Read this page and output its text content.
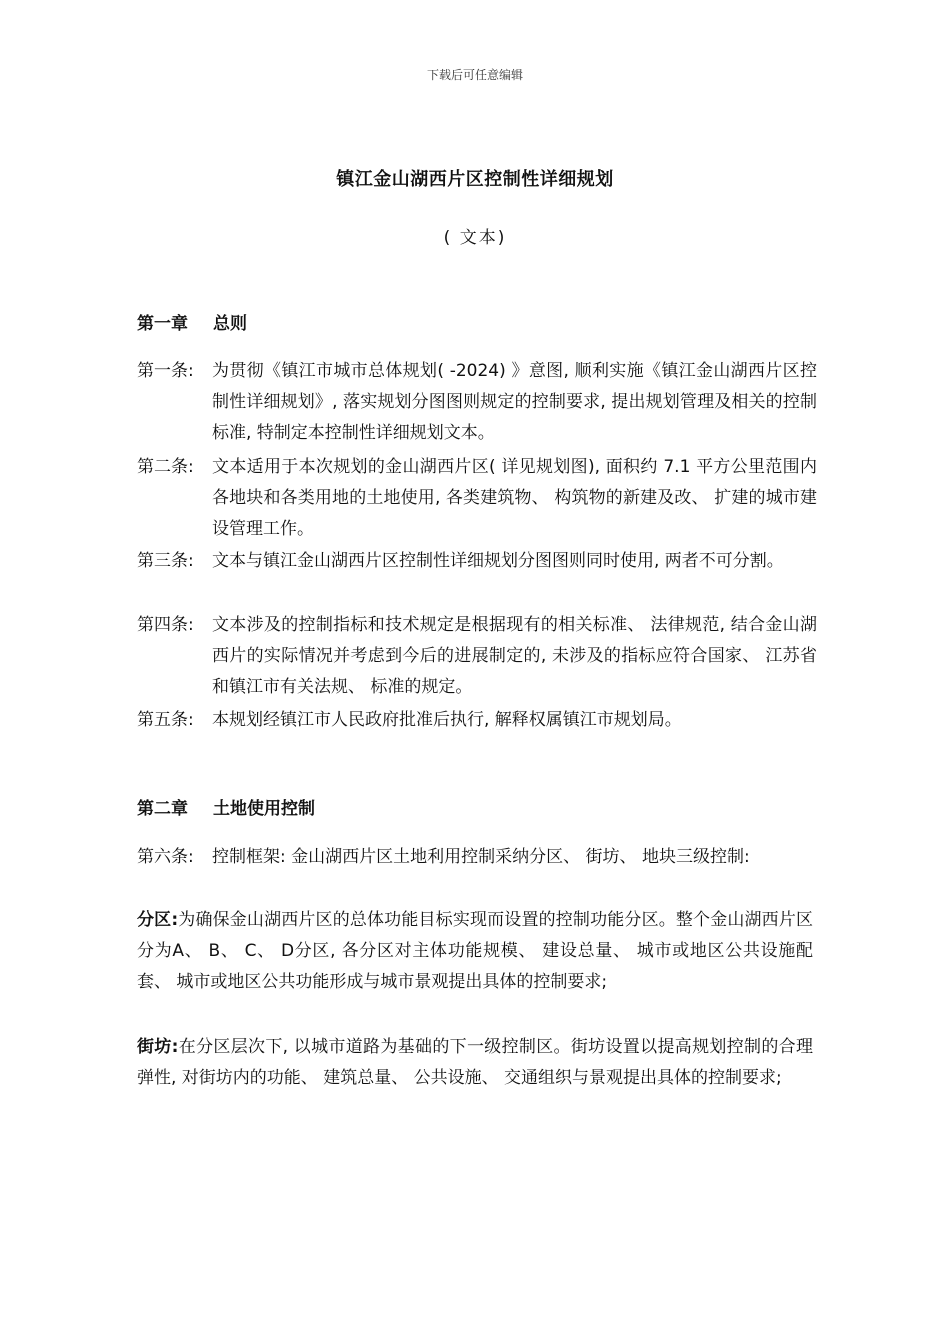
下载后可任意编辑
镇江金山湖西片区控制性详细规划
( 文本)
第一章 总则
第一条: 为贯彻《镇江市城市总体规划( -2024) 》意图, 顺利实施《镇江金山湖西片区控制性详细规划》, 落实规划分图图则规定的控制要求, 提出规划管理及相关的控制标准, 特制定本控制性详细规划文本。
第二条: 文本适用于本次规划的金山湖西片区( 详见规划图), 面积约 7.1 平方公里范围内各地块和各类用地的土地使用, 各类建筑物、 构筑物的新建及改、 扩建的城市建设管理工作。
第三条: 文本与镇江金山湖西片区控制性详细规划分图图则同时使用, 两者不可分割。
第四条: 文本涉及的控制指标和技术规定是根据现有的相关标准、 法律规范, 结合金山湖西片的实际情况并考虑到今后的进展制定的, 未涉及的指标应符合国家、 江苏省和镇江市有关法规、 标准的规定。
第五条: 本规划经镇江市人民政府批准后执行, 解释权属镇江市规划局。
第二章 土地使用控制
第六条: 控制框架: 金山湖西片区土地利用控制采纳分区、 街坊、 地块三级控制:
分区:为确保金山湖西片区的总体功能目标实现而设置的控制功能分区。整个金山湖西片区分为A、 B、 C、 D分区, 各分区对主体功能规模、 建设总量、 城市或地区公共设施配套、 城市或地区公共功能形成与城市景观提出具体的控制要求;
街坊:在分区层次下, 以城市道路为基础的下一级控制区。街坊设置以提高规划控制的合理弹性, 对街坊内的功能、 建筑总量、 公共设施、 交通组织与景观提出具体的控制要求;
